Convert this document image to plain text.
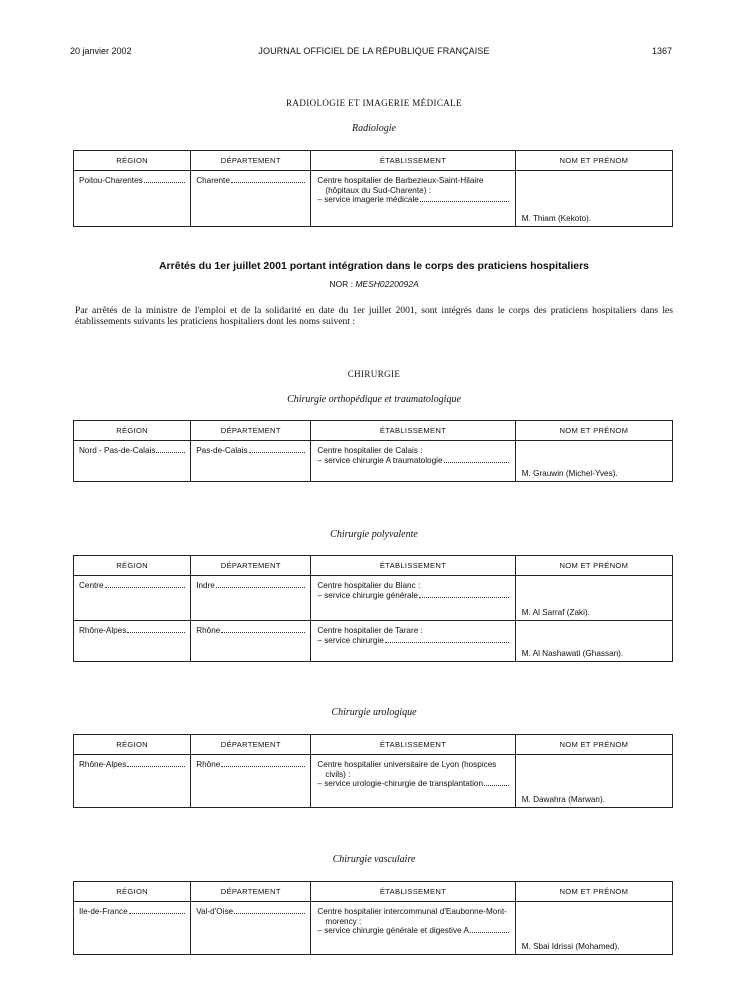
20 janvier 2002	JOURNAL OFFICIEL DE LA RÉPUBLIQUE FRANÇAISE	1367
RADIOLOGIE ET IMAGERIE MÉDICALE
Radiologie
RÉGION	DÉPARTEMENT	ÉTABLISSEMENT	NOM ET PRÉNOM

Poitou-Charentes	Charente	Centre hospitalier de Barbezieux-Saint-Hilaire
(hôpitaux du Sud-Charente) :
– service imagerie médicale	M. Thiam (Kekoto).
Arrêtés du 1er juillet 2001 portant intégration dans le corps des praticiens hospitaliers
NOR : MESH0220092A
Par arrêtés de la ministre de l'emploi et de la solidarité en date du 1er juillet 2001, sont intégrés dans le corps des praticiens hospitaliers dans les établissements suivants les praticiens hospitaliers dont les noms suivent :
CHIRURGIE
Chirurgie orthopédique et traumatologique
RÉGION	DÉPARTEMENT	ÉTABLISSEMENT	NOM ET PRÉNOM

Nord - Pas-de-Calais	Pas-de-Calais	Centre hospitalier de Calais :
– service chirurgie A traumatologie	M. Grauwin (Michel-Yves).
Chirurgie polyvalente
RÉGION	DÉPARTEMENT	ÉTABLISSEMENT	NOM ET PRÉNOM

Centre	Indre	Centre hospitalier du Blanc :
– service chirurgie générale	M. Al Sarraf (Zaki).

Rhône-Alpes	Rhône	Centre hospitalier de Tarare :
– service chirurgie	M. Al Nashawati (Ghassan).
Chirurgie urologique
RÉGION	DÉPARTEMENT	ÉTABLISSEMENT	NOM ET PRÉNOM

Rhône-Alpes	Rhône	Centre hospitalier universitaire de Lyon (hospices
civils) :
– service urologie-chirurgie de transplantation	M. Dawahra (Marwan).
Chirurgie vasculaire
RÉGION	DÉPARTEMENT	ÉTABLISSEMENT	NOM ET PRÉNOM

Ile-de-France	Val-d'Oise	Centre hospitalier intercommunal d'Eaubonne-Mont-
morency :
– service chirurgie générale et digestive A	M. Sbai Idrissi (Mohamed).
